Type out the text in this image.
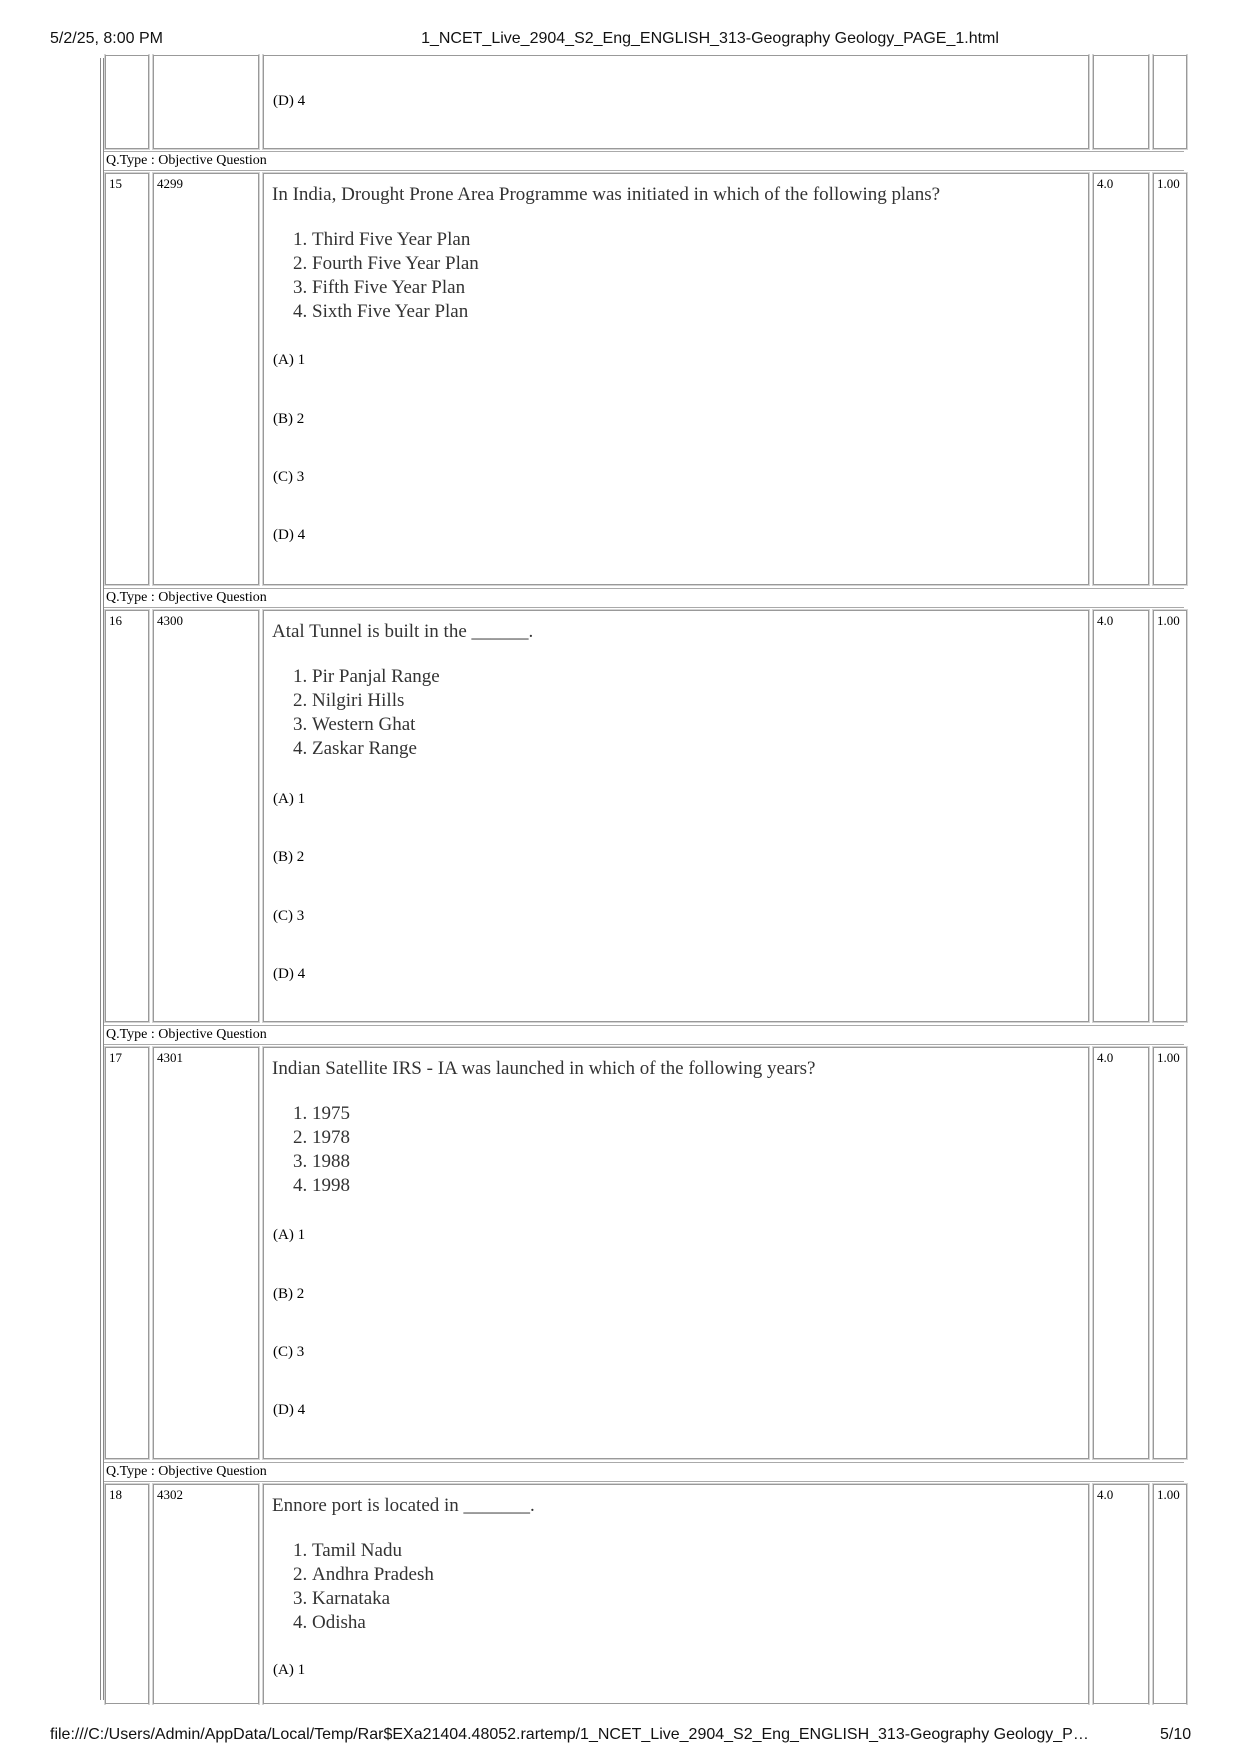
5/2/25, 8:00 PM	1_NCET_Live_2904_S2_Eng_ENGLISH_313-Geography Geology_PAGE_1.html
(D) 4
Q.Type : Objective Question
15	4299
In India, Drought Prone Area Programme was initiated in which of the following plans?
1. Third Five Year Plan
2. Fourth Five Year Plan
3. Fifth Five Year Plan
4. Sixth Five Year Plan
(A) 1
(B) 2
(C) 3
(D) 4
4.0	1.00
Q.Type : Objective Question
16	4300
Atal Tunnel is built in the ______.
1. Pir Panjal Range
2. Nilgiri Hills
3. Western Ghat
4. Zaskar Range
(A) 1
(B) 2
(C) 3
(D) 4
4.0	1.00
Q.Type : Objective Question
17	4301
Indian Satellite IRS - IA was launched in which of the following years?
1. 1975
2. 1978
3. 1988
4. 1998
(A) 1
(B) 2
(C) 3
(D) 4
4.0	1.00
Q.Type : Objective Question
18	4302
Ennore port is located in _______.
1. Tamil Nadu
2. Andhra Pradesh
3. Karnataka
4. Odisha
(A) 1
4.0	1.00
file:///C:/Users/Admin/AppData/Local/Temp/Rar$EXa21404.48052.rartemp/1_NCET_Live_2904_S2_Eng_ENGLISH_313-Geography Geology_P…	5/10
